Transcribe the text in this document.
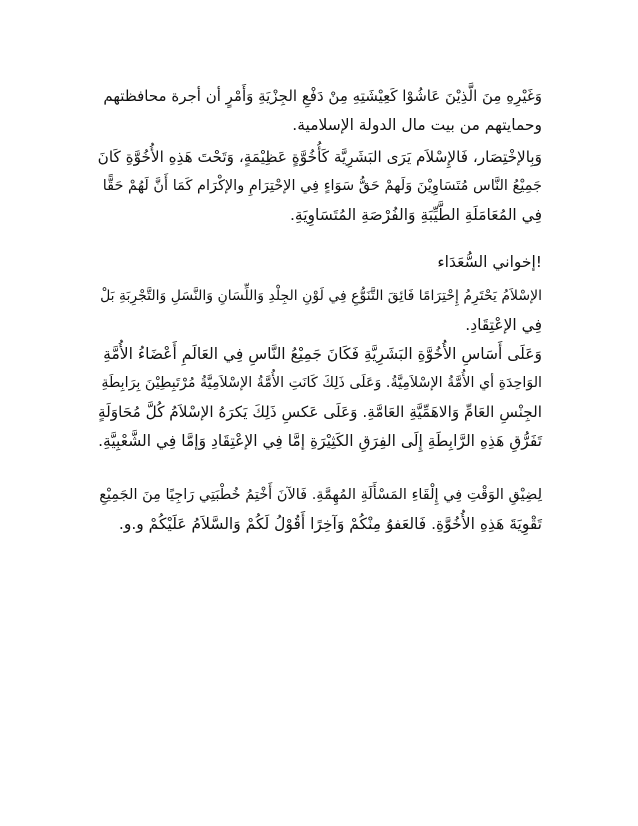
وَغَيْرِهِ مِنَ الَّذِيْنَ عَاشُوْا كَعِيْشَتِهِ مِنْ دَفْعِ الجِزْيَةِ وَأَمْرٍ أن أجرة محافظتهم
وحمايتهم من بيت مال الدولة الإسلامية.
وَبِالإخْتِصَار، فَالإِسْلاَم يَرَى البَشَرِيَّة كَأُخُوَّةٍ عَظِيْمَةٍ، وَتَحْتَ هَذِهِ الأُخُوَّةِ كَانَ
جَمِيْعُ النَّاس مُتَسَاوِيْنَ وَلَهمْ حَقُّ سَوَاءٍ فِي الإحْتِرَامِ والإكْرَام كَمَا أَنَّ لَهُمْ حَقًّا
فِي المُعَامَلَةِ الطَّيِّبَةِ وَالفُرْصَةِ المُتَسَاوِيَةِ.
!إخواني السُّعَدَاء
الإسْلاَمُ يَحْتَرِمُ إِحْتِرَامًا فَائِقَ التَّنَوُّعِ فِي لَوْنِ الجِلْدِ وَاللِّسَانِ وَالنَّسَلِ وَالتَّجْرِبَةِ بَلْ
فِي الإعْتِقَادِ.
وَعَلَى أَسَاسِ الأُخُوَّةِ البَشَرِيَّةِ فَكَانَ جَمِيْعُ النَّاسِ فِي العَالَمِ أَعْضَاءُ الأُمَّةِ
الوَاحِدَةِ أي الأُمَّةُ الإسْلاَمِيَّةُ. وَعَلَى ذَلِكَ كَانَتِ الأُمَّةُ الإسْلاَمِيَّةُ مُرْتَبِطِيْنَ بِرَابِطَةِ
الجِنْسِ العَامِّ وَالاهَمِّيَّةِ العَامَّةِ. وَعَلَى عَكسِ ذَلِكَ يَكرَهُ الإسْلاَمُ كُلَّ مُحَاوَلَةٍ
تَفَرُّقِ هَذِهِ الرَّابِطَةِ إِلَى الفِرَقِ الكَثِيْرَةِ إمَّا فِي الإعْتِقَادِ وَإمَّا فِي الشَّعْبِيَّةِ.
لِضِيْقِ الوَقْتِ فِي إِلْقَاءِ المَسْأَلَةِ المُهِمَّةِ. فَالآنَ أَخْتِمُ خُطْبَتِي رَاجِيًا مِنَ الجَمِيْعِ
تَقْوِيَةَ هَذِهِ الأُخُوَّةِ. فَالعَفوُ مِنْكُمْ وَآخِرًا أَقُوْلُ لَكُمْ وَالسَّلاَمُ عَلَيْكُمْ و.و.
